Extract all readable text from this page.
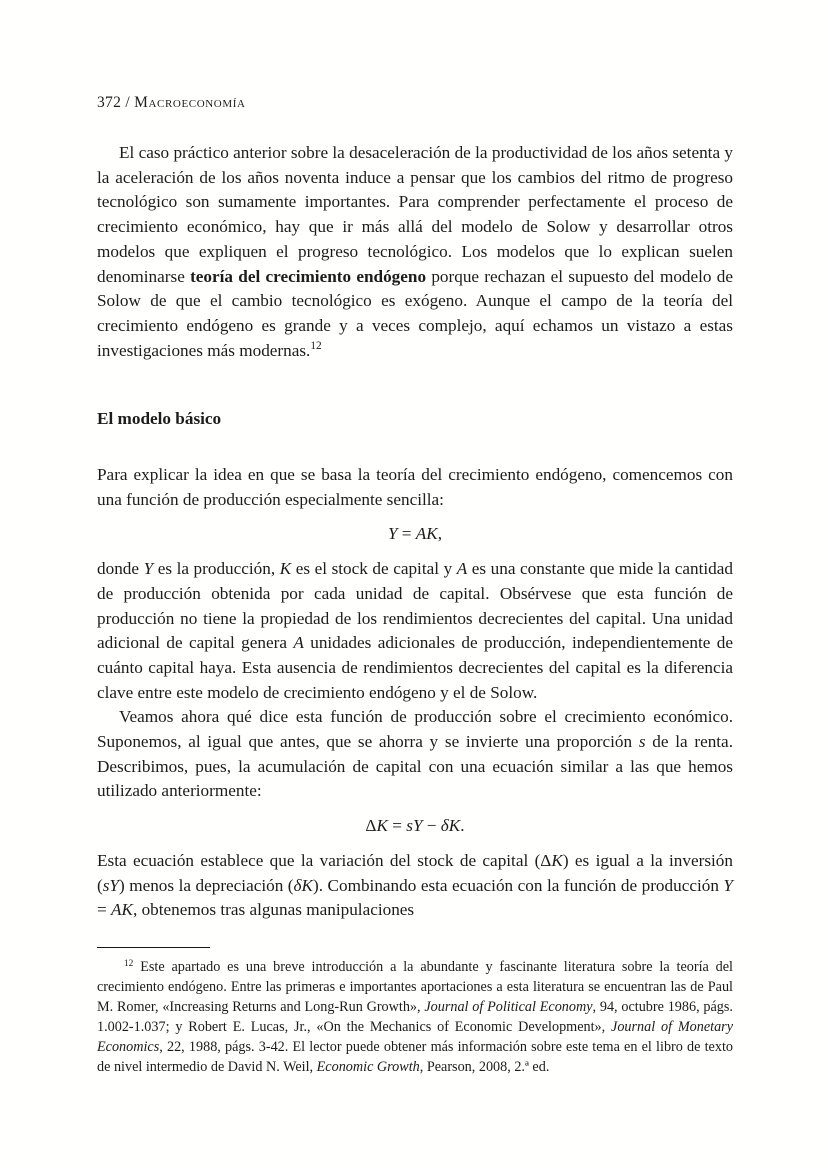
372 / Macroeconomía

El caso práctico anterior sobre la desaceleración de la productividad de los años setenta y la aceleración de los años noventa induce a pensar que los cambios del ritmo de progreso tecnológico son sumamente importantes. Para comprender perfectamente el proceso de crecimiento económico, hay que ir más allá del modelo de Solow y desarrollar otros modelos que expliquen el progreso tecnológico. Los modelos que lo explican suelen denominarse teoría del crecimiento endógeno porque rechazan el supuesto del modelo de Solow de que el cambio tecnológico es exógeno. Aunque el campo de la teoría del crecimiento endógeno es grande y a veces complejo, aquí echamos un vistazo a estas investigaciones más modernas.$^{12}$

El modelo básico

Para explicar la idea en que se basa la teoría del crecimiento endógeno, comencemos con una función de producción especialmente sencilla:

Y = AK,

donde Y es la producción, K es el stock de capital y A es una constante que mide la cantidad de producción obtenida por cada unidad de capital. Obsérvese que esta función de producción no tiene la propiedad de los rendimientos decrecientes del capital. Una unidad adicional de capital genera A unidades adicionales de producción, independientemente de cuánto capital haya. Esta ausencia de rendimientos decrecientes del capital es la diferencia clave entre este modelo de crecimiento endógeno y el de Solow.

Veamos ahora qué dice esta función de producción sobre el crecimiento económico. Suponemos, al igual que antes, que se ahorra y se invierte una proporción s de la renta. Describimos, pues, la acumulación de capital con una ecuación similar a las que hemos utilizado anteriormente:

ΔK = sY − δK.

Esta ecuación establece que la variación del stock de capital (ΔK) es igual a la inversión (sY) menos la depreciación (δK). Combinando esta ecuación con la función de producción Y = AK, obtenemos tras algunas manipulaciones

$^{12}$ Este apartado es una breve introducción a la abundante y fascinante literatura sobre la teoría del crecimiento endógeno. Entre las primeras e importantes aportaciones a esta literatura se encuentran las de Paul M. Romer, «Increasing Returns and Long-Run Growth», Journal of Political Economy, 94, octubre 1986, págs. 1.002-1.037; y Robert E. Lucas, Jr., «On the Mechanics of Economic Development», Journal of Monetary Economics, 22, 1988, págs. 3-42. El lector puede obtener más información sobre este tema en el libro de texto de nivel intermedio de David N. Weil, Economic Growth, Pearson, 2008, 2.ª ed.
